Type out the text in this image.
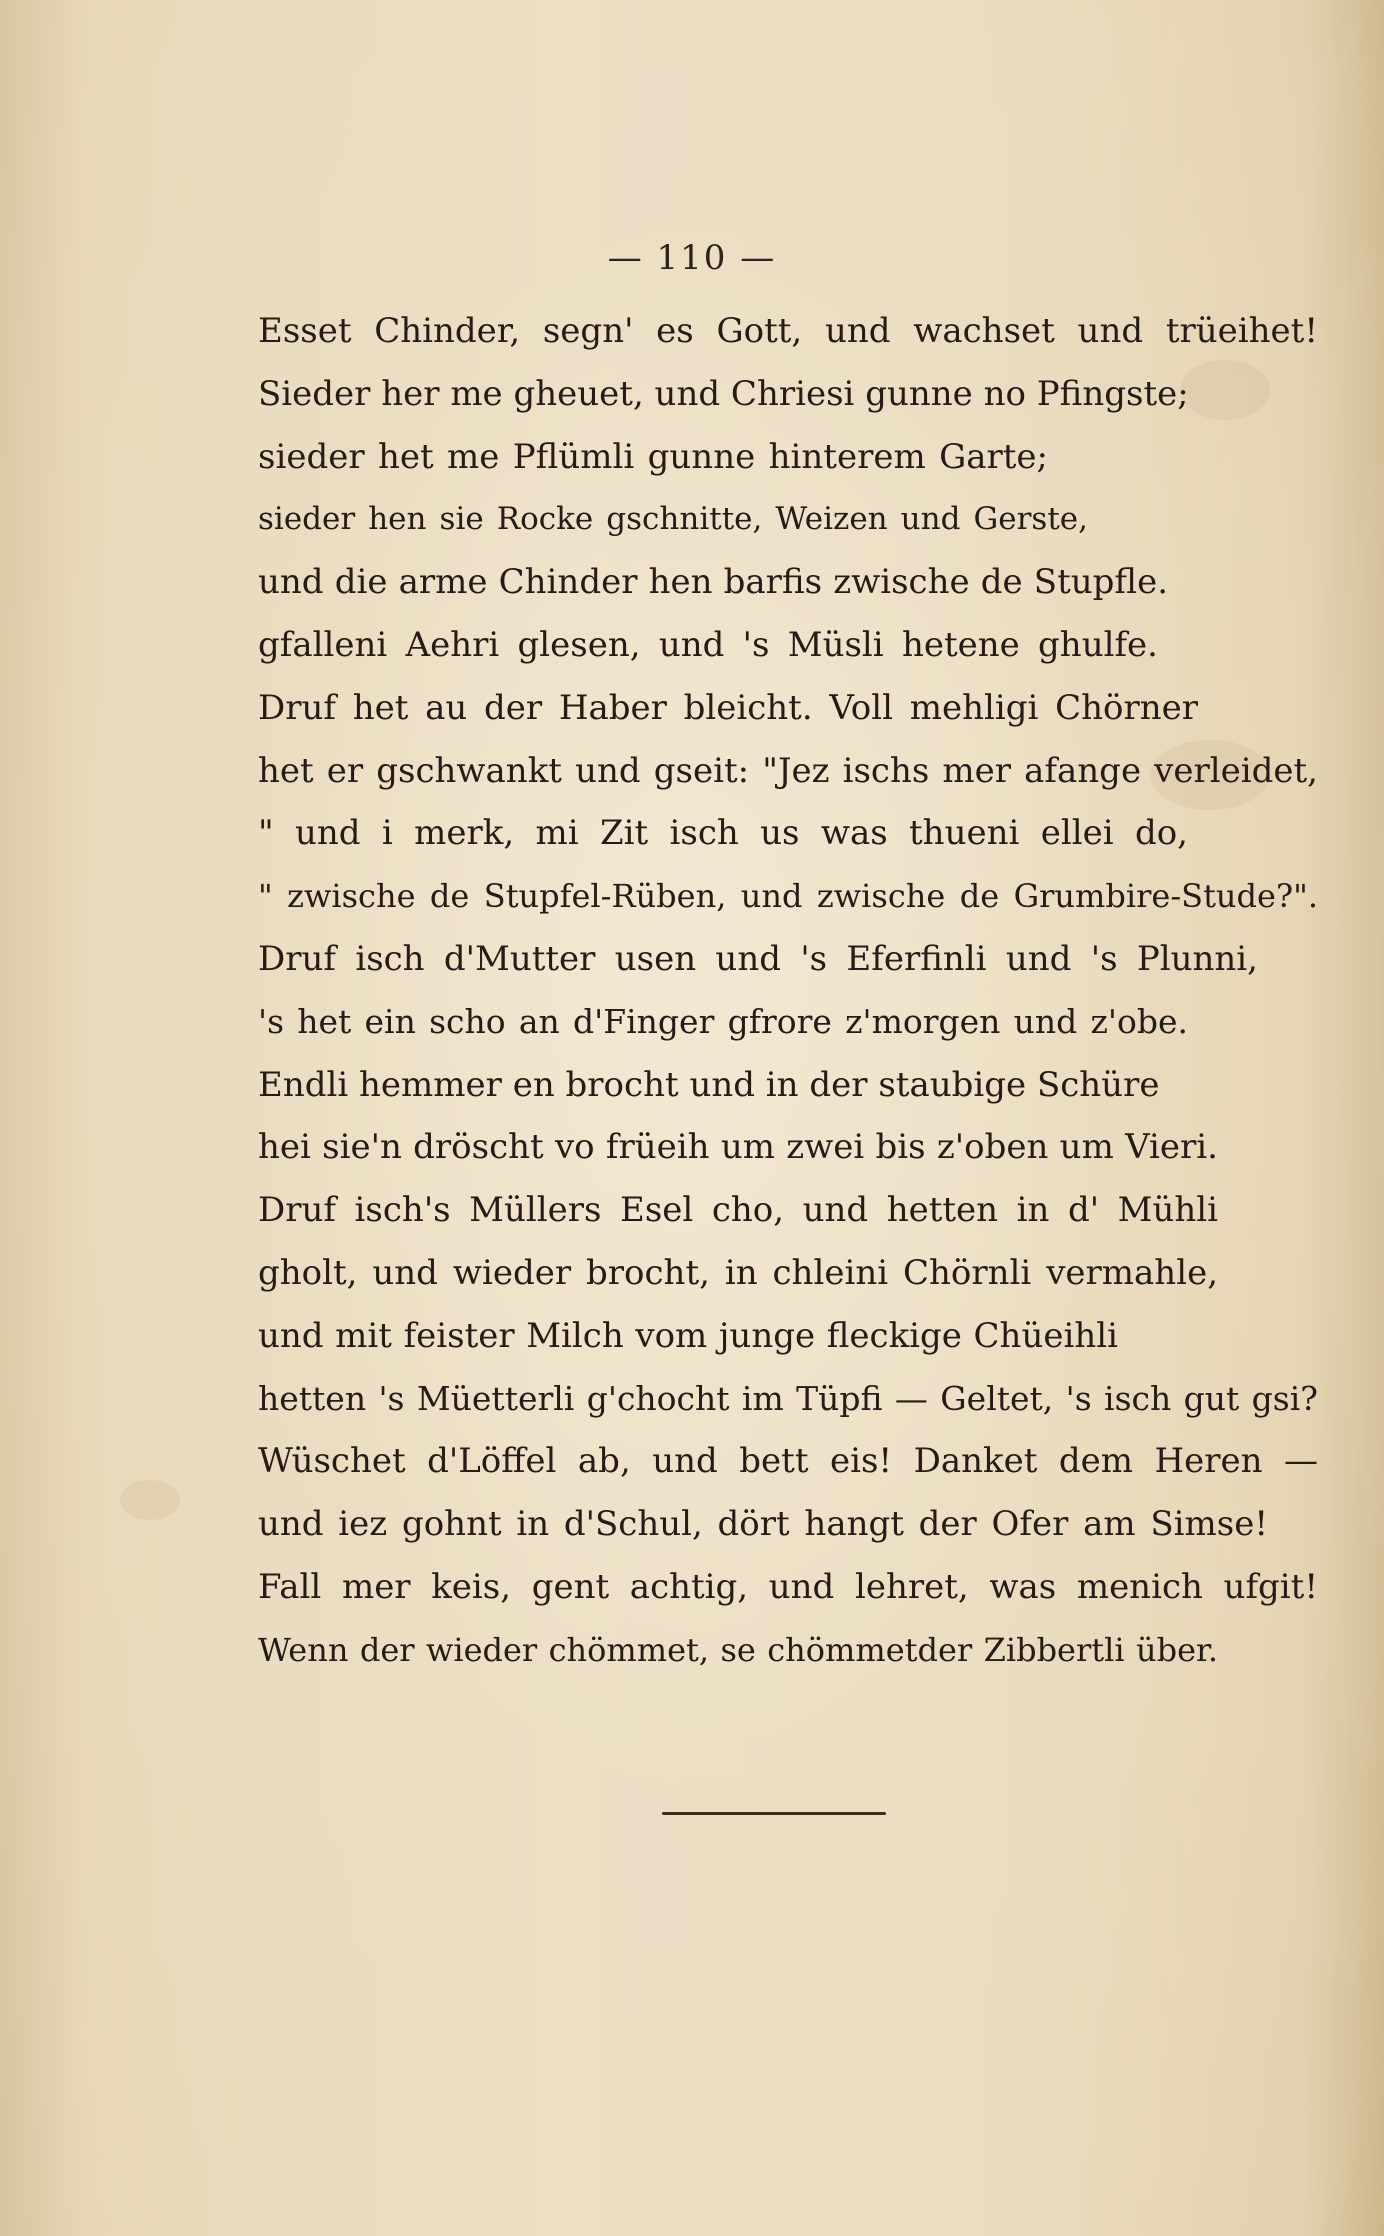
— 110 —
Esset Chinder, segn' es Gott, und wachset und trüeihet!
Sieder her me gheuet, und Chriesi gunne no Pfingste;
sieder het me Pflümli gunne hinterem Garte;
sieder hen sie Rocke gschnitte, Weizen und Gerste,
und die arme Chinder hen barfis zwische de Stupfle.
gfalleni Aehri glesen, und 's Müsli hetene ghulfe.
Druf het au der Haber bleicht. Voll mehligi Chörner
het er gschwankt und gseit: "Jez ischs mer afange verleidet,
" und i merk, mi Zit isch us was thueni ellei do,
" zwische de Stupfel-Rüben, und zwische de Grumbire-Stude?".
Druf isch d'Mutter usen und 's Eferfinli und 's Plunni,
's het ein scho an d'Finger gfrore z'morgen und z'obe.
Endli hemmer en brocht und in der staubige Schüre
hei sie'n dröscht vo früeih um zwei bis z'oben um Vieri.
Druf isch's Müllers Esel cho, und hetten in d' Mühli
gholt, und wieder brocht, in chleini Chörnli vermahle,
und mit feister Milch vom junge fleckige Chüeihli
hetten 's Müetterli g'chocht im Tüpfi — Geltet, 's isch gut gsi?
Wüschet d'Löffel ab, und bett eis! Danket dem Heren —
und iez gohnt in d'Schul, dört hangt der Ofer am Simse!
Fall mer keis, gent achtig, und lehret, was menich ufgit!
Wenn der wieder chömmet, se chömmetder Zibbertli über.
